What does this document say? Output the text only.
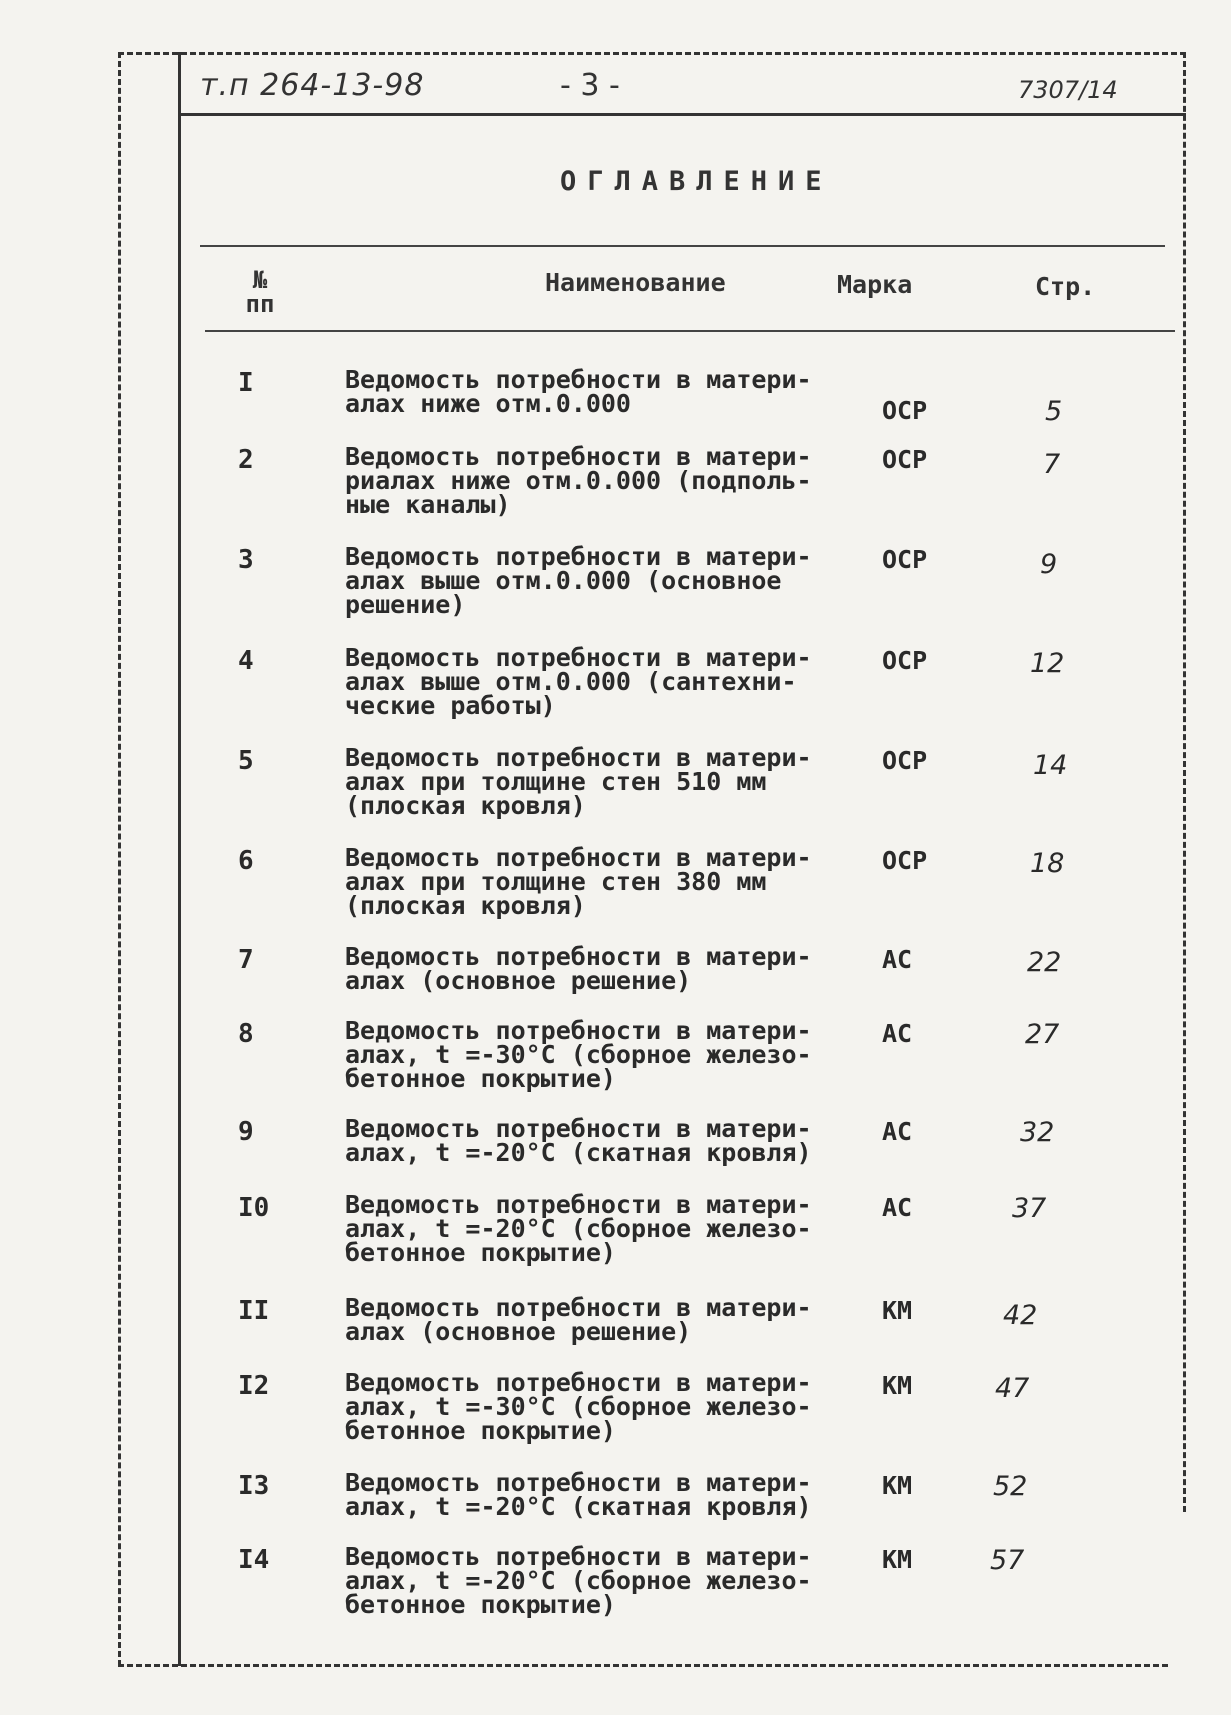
т.п 264-13-98	- 3 -	7307/14
ОГЛАВЛЕНИЕ
№
пп
Наименование	Марка	Стр.
I	Ведомость потребности в матери-
алах ниже отм.0.000	ОСР	5
2	Ведомость потребности в матери-
риалах ниже отм.0.000 (подполь-
ные каналы)
ОСР	7
3	Ведомость потребности в матери-
алах выше отм.0.000 (основное
решение)
ОСР	9
4	Ведомость потребности в матери-
алах выше отм.0.000 (сантехни-
ческие работы)
ОСР	12
5	Ведомость потребности в матери-
алах при толщине стен 510 мм
(плоская кровля)
ОСР	14
6	Ведомость потребности в матери-
алах при толщине стен 380 мм
(плоская кровля)
ОСР	18
7	Ведомость потребности в матери-
алах (основное решение)
АС	22
8	Ведомость потребности в матери-
алах, t =-30°С (сборное железо-
бетонное покрытие)
АС	27
9	Ведомость потребности в матери-
алах, t =-20°С (скатная кровля)
АС	32
I0	Ведомость потребности в матери-
алах, t =-20°С (сборное железо-
бетонное покрытие)
АС	37
II	Ведомость потребности в матери-
алах (основное решение)
КМ	42
I2	Ведомость потребности в матери-
алах, t =-30°С (сборное железо-
бетонное покрытие)
КМ	47
I3	Ведомость потребности в матери-
алах, t =-20°С (скатная кровля)
КМ	52
I4	Ведомость потребности в матери-
алах, t =-20°С (сборное железо-
бетонное покрытие)
КМ	57
